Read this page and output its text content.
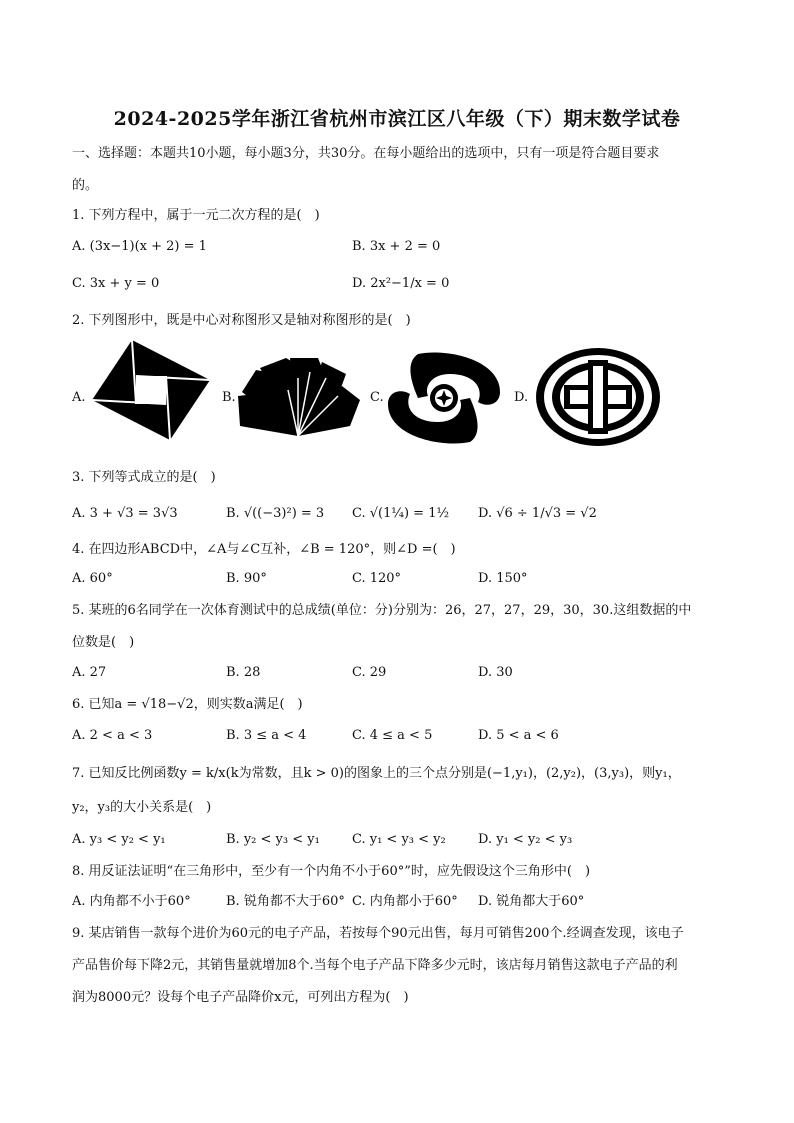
2024-2025学年浙江省杭州市滨江区八年级（下）期末数学试卷
一、选择题：本题共10小题，每小题3分，共30分。在每小题给出的选项中，只有一项是符合题目要求
的。
1. 下列方程中，属于一元二次方程的是(　)
A. (3x−1)(x + 2) = 1	B. 3x + 2 = 0
C. 3x + y = 0	D. 2x²−1/x = 0
2. 下列图形中，既是中心对称图形又是轴对称图形的是(　)
A.	B.	C.	D.
3. 下列等式成立的是(　)
A. 3 + √3 = 3√3	B. √((−3)²) = 3 C. √(1¼) = 1½ D. √6 ÷ 1/√3 = √2
4. 在四边形ABCD中，∠A与∠C互补，∠B = 120°，则∠D =(　)
A. 60°	B. 90°	C. 120°	D. 150°
5. 某班的6名同学在一次体育测试中的总成绩(单位：分)分别为：26，27，27，29，30，30.这组数据的中
位数是(　)
A. 27	B. 28	C. 29	D. 30
6. 已知a = √18−√2，则实数a满足(　)
A. 2 < a < 3	B. 3 ≤ a < 4	C. 4 ≤ a < 5	D. 5 < a < 6
7. 已知反比例函数y = k/x(k为常数，且k > 0)的图象上的三个点分别是(−1,y₁)，(2,y₂)，(3,y₃)，则y₁，
y₂，y₃的大小关系是(　)
A. y₃ < y₂ < y₁	B. y₂ < y₃ < y₁ C. y₁ < y₃ < y₂ D. y₁ < y₂ < y₃
8. 用反证法证明“在三角形中，至少有一个内角不小于60°”时，应先假设这个三角形中(　)
A. 内角都不小于60°	B. 锐角都不大于60° C. 内角都小于60° D. 锐角都大于60°
9. 某店销售一款每个进价为60元的电子产品，若按每个90元出售，每月可销售200个.经调查发现，该电子
产品售价每下降2元，其销售量就增加8个.当每个电子产品下降多少元时，该店每月销售这款电子产品的利
润为8000元？设每个电子产品降价x元，可列出方程为(　)
